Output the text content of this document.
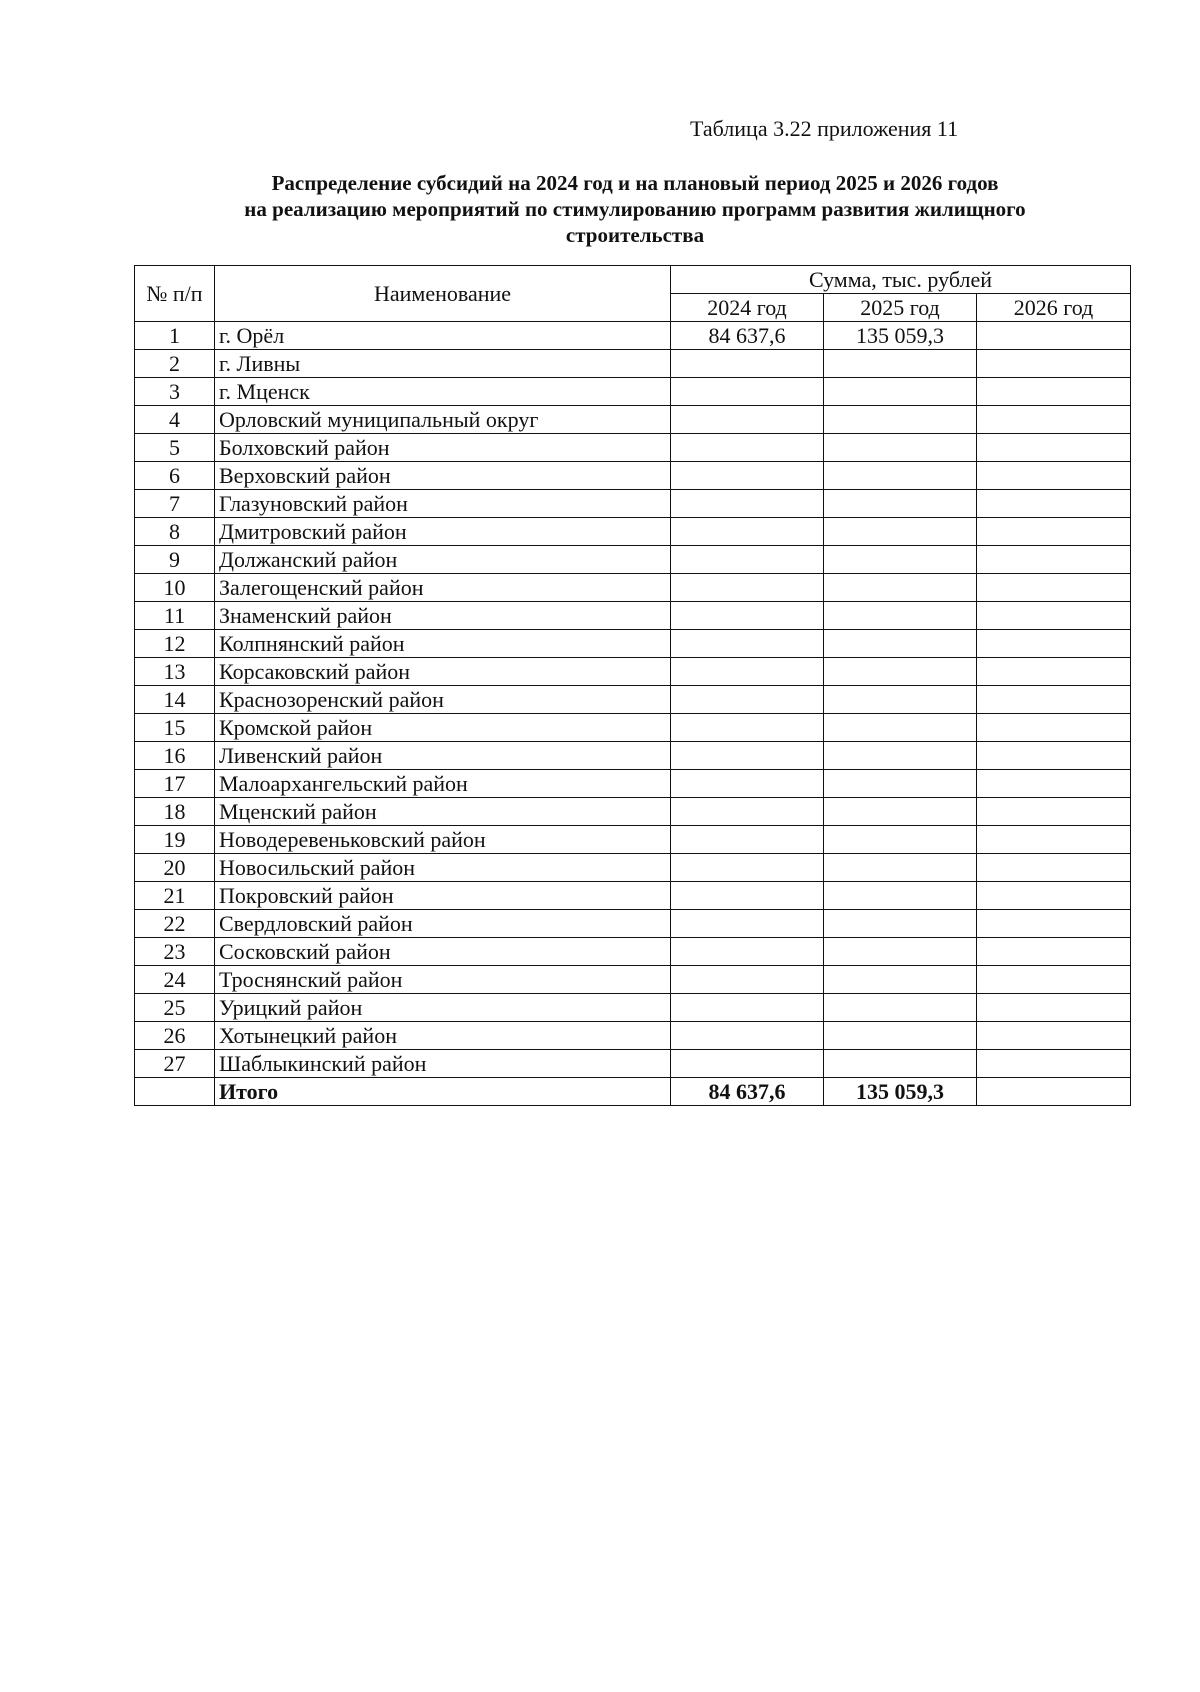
Таблица 3.22 приложения 11
Распределение субсидий на 2024 год и на плановый период 2025 и 2026 годов
на реализацию мероприятий по стимулированию программ развития жилищного
строительства
№ п/п	Наименование	Сумма, тыс. рублей		
		2024 год	2025 год	2026 год
1	г. Орёл	84 637,6	135 059,3	
2	г. Ливны			
3	г. Мценск			
4	Орловский муниципальный округ			
5	Болховский район			
6	Верховский район			
7	Глазуновский район			
8	Дмитровский район			
9	Должанский район			
10	Залегощенский район			
11	Знаменский район			
12	Колпнянский район			
13	Корсаковский район			
14	Краснозоренский район			
15	Кромской район			
16	Ливенский район			
17	Малоархангельский район			
18	Мценский район			
19	Новодеревеньковский район			
20	Новосильский район			
21	Покровский район			
22	Свердловский район			
23	Сосковский район			
24	Троснянский район			
25	Урицкий район			
26	Хотынецкий район			
27	Шаблыкинский район			
	Итого	84 637,6	135 059,3	
